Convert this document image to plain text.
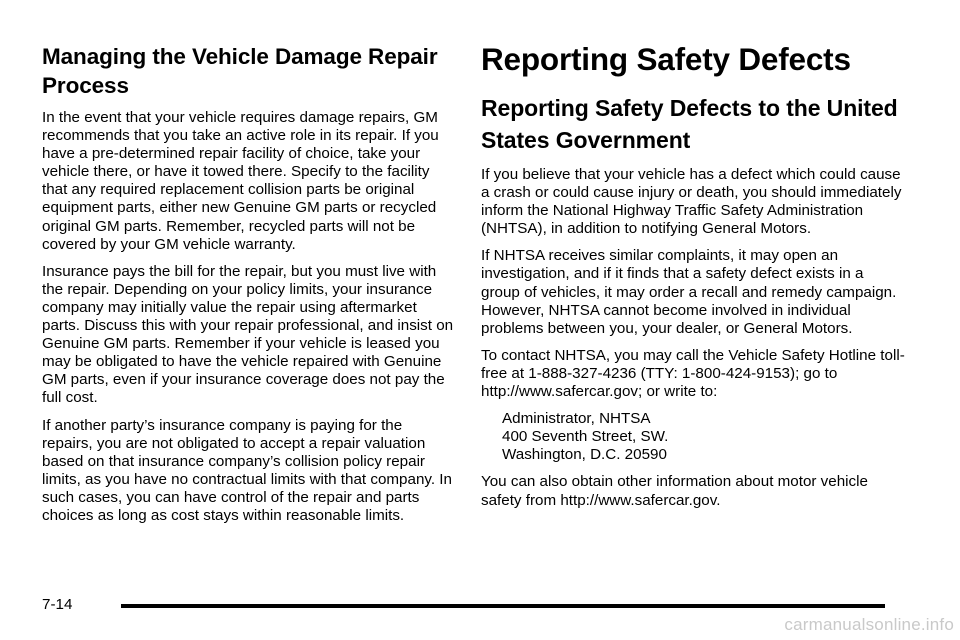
Managing the Vehicle Damage Repair Process

In the event that your vehicle requires damage repairs, GM recommends that you take an active role in its repair. If you have a pre-determined repair facility of choice, take your vehicle there, or have it towed there. Specify to the facility that any required replacement collision parts be original equipment parts, either new Genuine GM parts or recycled original GM parts. Remember, recycled parts will not be covered by your GM vehicle warranty.

Insurance pays the bill for the repair, but you must live with the repair. Depending on your policy limits, your insurance company may initially value the repair using aftermarket parts. Discuss this with your repair professional, and insist on Genuine GM parts. Remember if your vehicle is leased you may be obligated to have the vehicle repaired with Genuine GM parts, even if your insurance coverage does not pay the full cost.

If another party’s insurance company is paying for the repairs, you are not obligated to accept a repair valuation based on that insurance company’s collision policy repair limits, as you have no contractual limits with that company. In such cases, you can have control of the repair and parts choices as long as cost stays within reasonable limits.

Reporting Safety Defects
Reporting Safety Defects to the United States Government

If you believe that your vehicle has a defect which could cause a crash or could cause injury or death, you should immediately inform the National Highway Traffic Safety Administration (NHTSA), in addition to notifying General Motors.

If NHTSA receives similar complaints, it may open an investigation, and if it finds that a safety defect exists in a group of vehicles, it may order a recall and remedy campaign. However, NHTSA cannot become involved in individual problems between you, your dealer, or General Motors.

To contact NHTSA, you may call the Vehicle Safety Hotline toll-free at 1-888-327-4236 (TTY: 1-800-424-9153); go to http://www.safercar.gov; or write to:

Administrator, NHTSA
400 Seventh Street, SW.
Washington, D.C. 20590

You can also obtain other information about motor vehicle safety from http://www.safercar.gov.

7-14
carmanualsonline.info
